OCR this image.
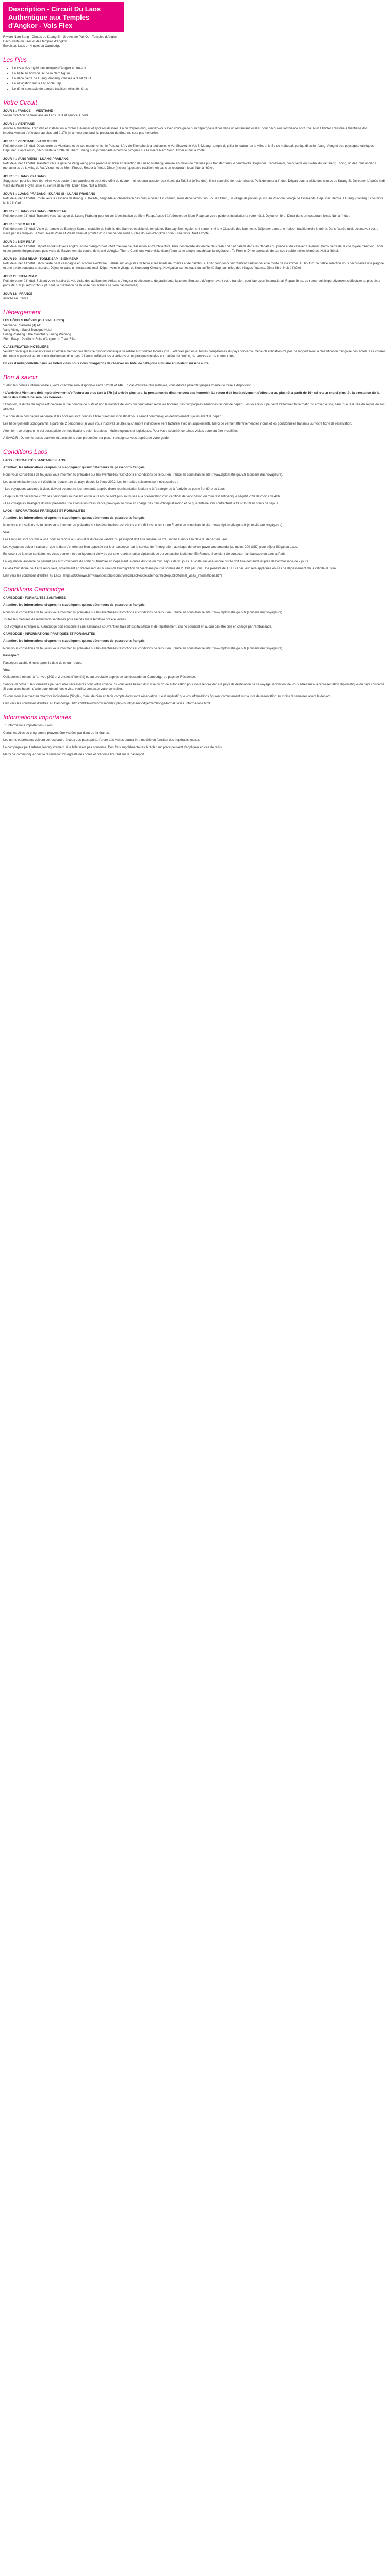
Description - Circuit Du Laos Authentique aux Temples d'Angkor - Vols Flex

Rivière Nam Song - Chutes de Kuang Si - Grottes de Pak Ou - Temples d'Angkor

Découverte du Laos et des temples d'Angkor

Envols au Laos en 4 nuits au Cambodge

Les Plus
• Le visite des mythiques temples d'Angkor en tuk-tuk
• La halte au bord du lac de la Nam Ngum
• La découverte de Luang Prabang, classée à l'UNESCO
• La navigation sur le Lac Tonlé Sap
• Le dîner spectacle de danses traditionnelles khmères
Votre Circuit
JOUR 1 : FRANCE → VIENTIANE

Vol en direction de Vientiane au Laos. Nuit et service à bord.

JOUR 2 : VIENTIANE

Arrivée à Vientiane. Transfert et installation à l'hôtel. Déjeuner et après-midi libres. En fin d'après-midi, rendez-vous avec votre guide puis départ pour dîner dans un restaurant local et pour découvrir l'ambiance nocturne. Nuit à l'hôtel. L'arrivée à Vientiane doit impérativement s'effectuer au plus tard à 17h (si arrivée plus tard, la prestation du dîner ne sera pas honorée).

JOUR 3 : VIENTIANE - VANG VIENG

Petit déjeuner à l'hôtel. Découverte de Vientiane et de ses monuments : le Patuxai, l'Arc de Triomphe à la laotienne, le Vat Sisaket, le Vat Si Muang, temple du pilier fondateur de la ville, et le Bo de mahodai, portiqu direction Vang Vieng et ses paysages karstiques. Déjeuner. L'après-midi, découverte la grotte de Tham Thieng puis promenade à bord de pirogues sur la rivière Nam Song. Dîner et nuit à l'hôtel.

JOUR 4 : VANG VIENG - LUANG PRABANG

Petit déjeuner à l'hôtel. Transfert vers la gare de Vang Vieng pour prendre un train en direction de Luang Prabang. Arrivée en milieu de matinée puis transfert vers le centre-ville. Déjeuner. L'après-midi, découverte en tuk-tuk du Vat Xieng Thong, un des plus anciens monastères de la ville, du Vat Visoun et du Mont Phousi. Retour à l'hôtel. Dîner (inclus) (spectacle traditionnel) dans un restaurant local. Nuit à l'hôtel.

JOUR 5 : LUANG PRABANG

Suggestion pour les lève-tôt : Allez-vous poster à un carrefour et peut-être offrir du riz aux moines pour assister aux rituels du Tak Bat (offrandes). Il est conseillé de rester discret. Petit déjeuner à l'hôtel. Départ pour la visite des chutes de Kuang Si. Déjeuner. L'après-midi, visite du Palais Royal, situé au centre de la ville. Dîner libre. Nuit à l'hôtel.

JOUR 6 : LUANG PRABANG - KUANG SI - LUANG PRABANG

Petit déjeuner à l'hôtel. Route vers la cascade de Kuang Si. Balade, baignade et observation des ours à collier. En chemin, nous découvrons Luo Bo Ban Chan, un village de potiers, puis Ban Phanom, village de tisserands. Déjeuner. Retour à Luang Prabang. Dîner libre. Nuit à l'hôtel.

JOUR 7 : LUANG PRABANG - SIEM REAP

Petit déjeuner à l'hôtel. Transfert vers l'aéroport de Luang Prabang pour un vol à destination de Siem Reap. Accueil à l'aéroport de Siem Reap par votre guide et installation à votre hôtel. Déjeuner libre. Dîner dans un restaurant local. Nuit à l'hôtel.

JOUR 8 : SIEM REAP

Petit déjeuner à l'hôtel. Visite du temple de Banteay Samre, citadelle de l'ethnie des Samrés et visite du temple de Banteay Srei, également surnommé la « Citadelle des femmes ». Déjeuner dans une maison traditionnelle khmère. Dans l'après-midi, poursuivez votre visite par les temples Ta Som, Neak Poan et Preah Khan et profitez d'un coucher du soleil sur les douves d'Angkor Thom. Dîner libre. Nuit à l'hôtel.

JOUR 9 : SIEM REAP

Petit déjeuner à l'hôtel. Départ en tuk-tuk vers Angkor. Visite d'Angkor Vat, chef d'œuvre de réalisation et d'architecture. Puis découverte du temple de Preah Khan et balade dans les dédales du prince et du cavalier. Déjeuner. Découverte de la cité royale d'Angkor Thom et ses portes énigmatiques puis visite du Bayon, temple central de la cité d'Angkor Thom. Continuez votre visite dans l'étonnante temple envahi par la végétation, Ta Prohm. Dîner spectacle de danses traditionnelles khmères. Nuit à l'hôtel.

JOUR 10 : SIEM REAP - TONLE SAP - SIEM REAP

Petit déjeuner à l'hôtel. Découverte de la campagne en scooter électrique. Balade sur les pistes de terre et les bords de rizières et de bambous. Arrêt pour découvrir l'habitat traditionnel et le mode de vie khmer. Au bout d'une petite sélection vous découvrirez une pagode et une petite boutique artisanale. Déjeuner dans un restaurant local. Départ vers le village de Kompong Khleang. Navigation sur les eaux du lac Tonlé Sap, au milieu des villages flottants. Dîner libre. Nuit à l'hôtel.

JOUR 11 : SIEM REAP

Petit déjeuner à l'hôtel. Suivant votre horaire de vol, visite des ateliers des Artisans d'Angkor et découverte du jardin botanique des Senteurs d'Angkor avant votre transfert pour l'aéroport International. Repas libres. Le retour doit impérativement s'effectuer au plus tôt à partir de 16h (si retour choisi plus tôt, la prestation de la visite des ateliers ne sera pas honorée).

JOUR 12 : FRANCE

Arrivée en France.

Hébergement
LES HÔTELS PRÉVUS (OU SIMILAIRES)
Vientiane : Salsalee (4) AO
Vang Vieng : Sabai Boutique Hotel
Luang Prabang : The Sanctuary Luang Prabang
Siem Reap : Pavillons Suite d'Angkor ou Treat Elite
CLASSIFICATION HÔTELIÈRE

Veuillez noter que la classification en étoiles mentionnée dans ce produit touristique se réfère aux normes locales (*NL), établies par les autorités compétentes du pays concerné. Cette classification n'a pas de rapport avec la classification française des hôtels. Les critères de notation peuvent varier considérablement d'un pays à l'autre, reflétant les standards et les pratiques locales en matière de confort, de services et de commodités.

En cas d'indisponibilité dans les hôtels cités nous nous chargerons de réserver un hôtel de catégorie similaire équivalent sur une autre.

Bon à savoir

*Selon les normes internationales, votre chambre sera disponible entre 12h00 et 14h. En cas d'arrivée plus matinale, vous devrez patienter jusqu'à l'heure de mise à disposition.

* L'arrivée à Vientiane doit impérativement s'effectuer au plus tard à 17h (si arrivée plus tard, la prestation du dîner ne sera pas honorée). Le retour doit impérativement s'effectuer au plus tôt à partir de 16h (si retour choisi plus tôt, la prestation de la visite des ateliers ne sera pas honorée).

*Attention, la durée du séjour est calculée sur le nombre de nuits et non le nombre de jours qui peut varier selon les horaires des compagnies aériennes du jour de départ. Les vols retour peuvent s'effectuer tôt le matin ou arriver le soir, sans que la durée du séjour en soit affectée.

*Le nom de la compagnie aérienne et les horaires sont donnés à titre purement indicatif et vous seront communiqués définitivement 8 jours avant le départ.

Les hébergements sont garantis à partir de 2 personnes (si vous vous inscrivez seul(e), la chambre individuelle sera facturée avec un supplément). Merci de vérifier attentivement les noms et les coordonnées transmis sur votre fiche de réservation.

Attention : ce programme est susceptible de modifications selon les aléas météorologiques et logistiques. Pour votre sécurité, certaines visites pourront être modifiées.

A SAVOIR : De nombreuses activités et excursions sont proposées sur place, renseignez-vous auprès de votre guide.

Conditions Laos

LAOS - FORMALITÉS SANITAIRES LAOS

Attention, les informations ci-après ne s'appliquent qu'aux détenteurs de passeports français.

Nous vous conseillons de toujours vous informer au préalable sur les éventuelles restrictions et conditions de retour en France en consultant le site : www.diplomatie.gouv.fr (conseils aux voyageurs).

Les autorités laotiennes ont décidé la réouverture du pays depuis le 9 mai 2022. Les formalités suivantes sont nécessaires :

- Les voyageurs vaccinés à visas doivent soumettre leur demande auprès d'une représentation laotienne à l'étranger ou à l'arrivée au poste frontière au Laos ;

- Depuis le 23 décembre 2022, les personnes souhaitant entrer au Laos ne sont plus soumises à la présentation d'un certificat de vaccination ou d'un test antigénique négatif PCR de moins de 48h ;

- Les voyageurs étrangers doivent présenter une attestation d'assurance prévoyant la prise en charge des frais d'hospitalisation et de quarantaine s'ils contractent la COVID-19 en cours de séjour.

LAOS - INFORMATIONS PRATIQUES ET FORMALITÉS

Attention, les informations ci-après ne s'appliquent qu'aux détenteurs de passeports français.

Nous vous conseillons de toujours vous informer au préalable sur les éventuelles restrictions et conditions de retour en France en consultant le site : www.diplomatie.gouv.fr (conseils aux voyageurs).

Visa

Les Français sont soumis à visa pour se rendre au Laos et la durée de validité du passeport doit être supérieure d'au moins 6 mois à la date du départ du Laos.

Les voyageurs doivent s'assurer que la date d'entrée est bien apposée sur leur passeport par le service de l'immigration, au risque de devoir payer une amende (au moins 200 USD) pour séjour illégal au Laos.

En raison de la crise sanitaire, les visas peuvent être uniquement délivrés par une représentation diplomatique ou consulaire laotienne. En France, il convient de contacter l'ambassade du Laos à Paris.

La législation laotienne ne permet pas aux voyageurs de sortir du territoire en dépassant la durée du visa ou d'un séjour de 30 jours. Au-delà, un visa longue durée doit être demandé auprès de l'ambassade de 7 jours.

Le visa touristique peut être renouvelé, notamment en s'adressant au bureau de l'immigration de Vientiane pour la somme de 2 USD par jour. Une pénalité de 10 USD par jour sera appliquée en cas de dépassement de la validité du visa.

Lien vers les conditions d'entrée au Laos : https://XXX/www.hmvisa/index.php/country/laos/LaoPeoplesDemocraticRepublic/formal_visas_informations.html

Conditions Cambodge

CAMBODGE - FORMALITÉS SANITAIRES

Attention, les informations ci-après ne s'appliquent qu'aux détenteurs de passeports français.

Nous vous conseillons de toujours vous informer au préalable sur les éventuelles restrictions et conditions de retour en France en consultant le site : www.diplomatie.gouv.fr (conseils aux voyageurs).

Toutes les mesures de restrictions sanitaires pour l'accès sur le territoire ont été levées.

Tout voyageur étranger au Cambodge doit souscrire à une assurance couvrant les frais d'hospitalisation et de rapatriement, qui ne pourront en aucun cas être pris en charge par l'ambassade.

CAMBODGE - INFORMATIONS PRATIQUES ET FORMALITÉS

Attention, les informations ci-après ne s'appliquent qu'aux détenteurs de passeports français.

Nous vous conseillons de toujours vous informer au préalable sur les éventuelles restrictions et conditions de retour en France en consultant le site : www.diplomatie.gouv.fr (conseils aux voyageurs).

Passeport

Passeport valable 6 mois après la date de retour requis.

Visa

Obligatoire à obtenir à l'arrivée (30$ et 2 photos d'identité) ou au préalable auprès de l'ambassade du Cambodge du pays de Résidence.

Service de VISA : Des formalités peuvent être nécessaires pour votre voyage. Si vous avez besoin d'un visa ou d'une autorisation pour vous rendre dans le pays de destination de ce voyage, il convient de vous adresser à la représentation diplomatique du pays concerné. Si vous avez besoin d'aide pour obtenir votre visa, veuillez contacter votre conseiller.

Si vous vous inscrivez en chambre individuelle (Single), merci de bien en tenir compte dans votre réservation. Il est impératif que vos informations figurent correctement sur la liste de réservation au moins 3 semaines avant le départ.

Lien vers les conditions d'entrée au Cambodge : https://XXX/www.hmvisa/index.php/country/cambodge/Cambodge/formal_visas_informations.html

Informations importantes

_1 Informations importantes - Laos

Certaines villes du programme peuvent être visitées par d'autres itinéraires.

Les noms et prénoms doivent correspondre à ceux des passeports, l'ordre des visites pourra être modifié en fonction des impératifs locaux.

La compagnie peut refuser l'enregistrement si le billet n'est pas conforme. Des frais supplémentaires à régler sur place peuvent s'appliquer en cas de refus.

Merci de communiquer dès la réservation l'intégralité des noms et prénoms figurant sur le passeport.
